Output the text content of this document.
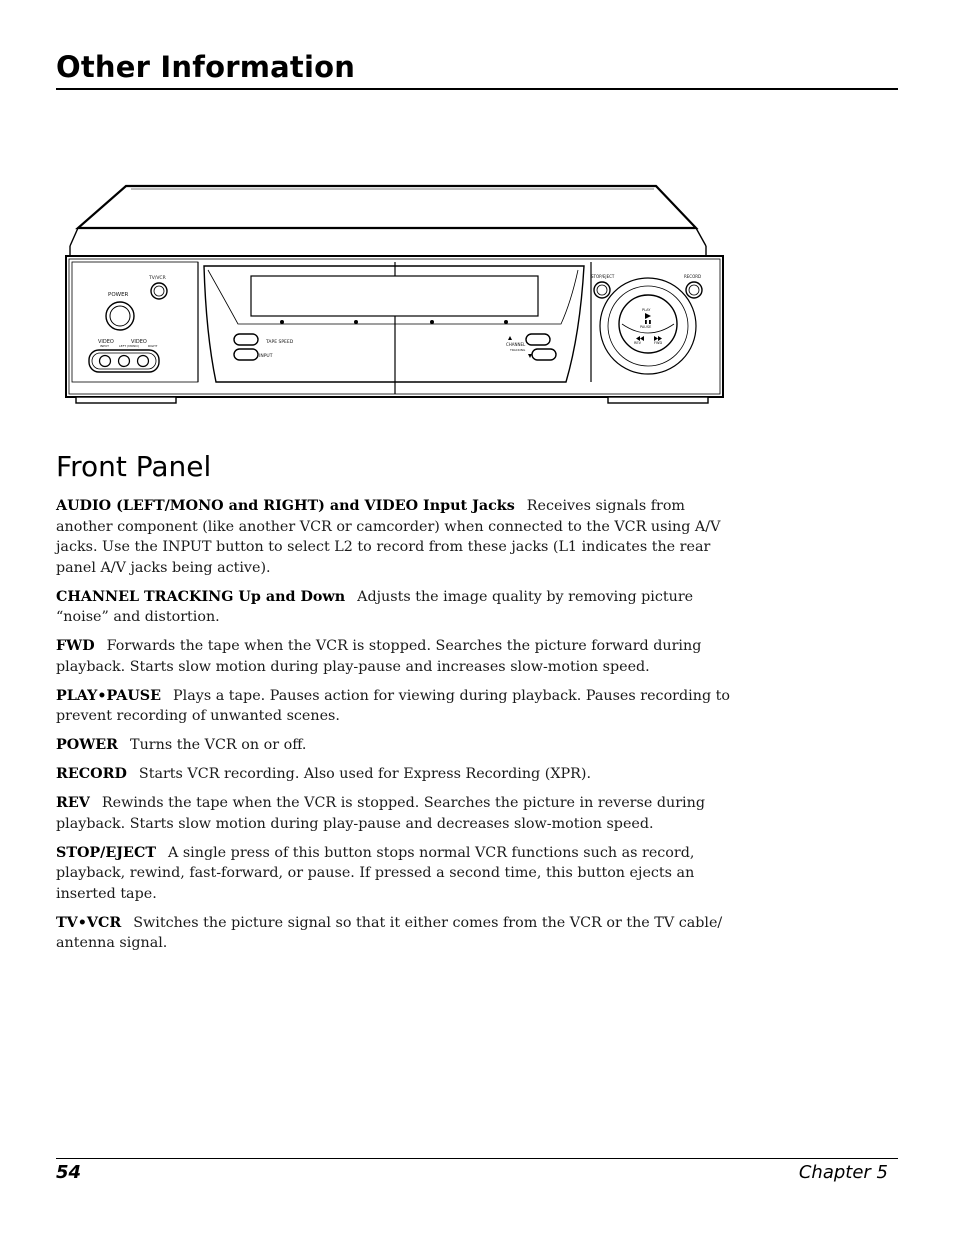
Other Information
POWER
TV/VCR
VIDEO	VIDEO
INPUT	LEFT (MONO)	RIGHT
TAPE SPEED
INPUT
CHANNEL
TRACKING
STOP/EJECT	RECORD
PLAY
PAUSE
REV	FWD
Front Panel

AUDIO (LEFT/MONO and RIGHT) and VIDEO Input Jacks Receives signals from another component (like another VCR or camcorder) when connected to the VCR using A/V jacks. Use the INPUT button to select L2 to record from these jacks (L1 indicates the rear panel A/V jacks being active).

CHANNEL TRACKING Up and Down Adjusts the image quality by removing picture “noise” and distortion.

FWD Forwards the tape when the VCR is stopped. Searches the picture forward during playback. Starts slow motion during play-pause and increases slow-motion speed.

PLAY•PAUSE Plays a tape. Pauses action for viewing during playback. Pauses recording to prevent recording of unwanted scenes.

POWER Turns the VCR on or off.

RECORD Starts VCR recording. Also used for Express Recording (XPR).

REV Rewinds the tape when the VCR is stopped. Searches the picture in reverse during playback. Starts slow motion during play-pause and decreases slow-motion speed.

STOP/EJECT A single press of this button stops normal VCR functions such as record, playback, rewind, fast-forward, or pause. If pressed a second time, this button ejects an inserted tape.

TV•VCR Switches the picture signal so that it either comes from the VCR or the TV cable/ antenna signal.

54	Chapter 5
